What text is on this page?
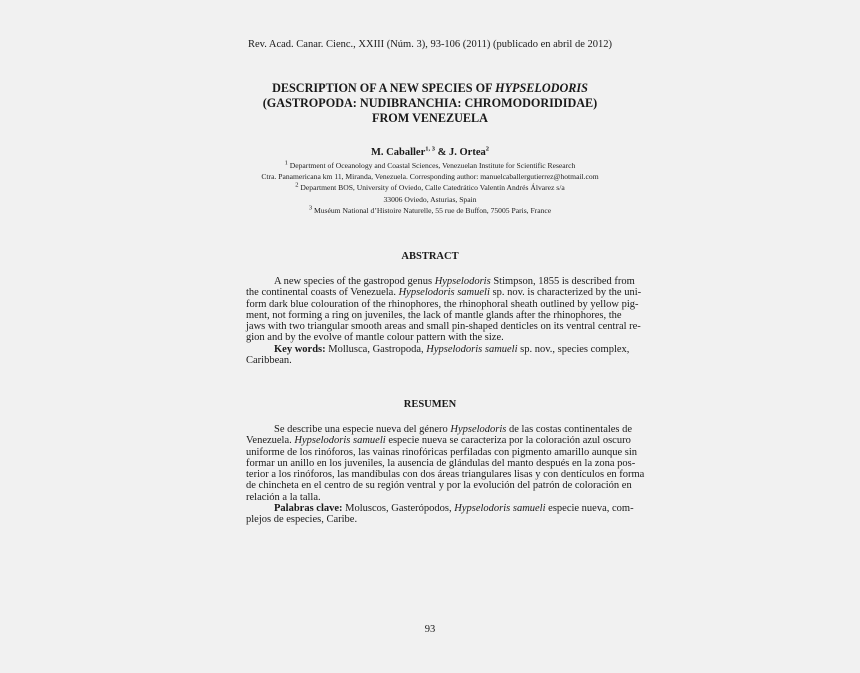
Rev. Acad. Canar. Cienc., XXIII (Núm. 3), 93-106 (2011) (publicado en abril de 2012)
DESCRIPTION OF A NEW SPECIES OF HYPSELODORIS
(GASTROPODA: NUDIBRANCHIA: CHROMODORIDIDAE)
FROM VENEZUELA
M. Caballer$^{1, 3}$ & J. Ortea$^2$
$^1$ Department of Oceanology and Coastal Sciences, Venezuelan Institute for Scientific Research
Ctra. Panamericana km 11, Miranda, Venezuela. Corresponding author: manuelcaballergutierrez@hotmail.com
$^2$ Department BOS, University of Oviedo, Calle Catedrático Valentín Andrés Álvarez s/a
33006 Oviedo, Asturias, Spain
$^3$ Muséum National d’Histoire Naturelle, 55 rue de Buffon, 75005 Paris, France
ABSTRACT
A new species of the gastropod genus Hypselodoris Stimpson, 1855 is described from
the continental coasts of Venezuela. Hypselodoris samueli sp. nov. is characterized by the uni-
form dark blue colouration of the rhinophores, the rhinophoral sheath outlined by yellow pig-
ment, not forming a ring on juveniles, the lack of mantle glands after the rhinophores, the
jaws with two triangular smooth areas and small pin-shaped denticles on its ventral central re-
gion and by the evolve of mantle colour pattern with the size.
Key words: Mollusca, Gastropoda, Hypselodoris samueli sp. nov., species complex,
Caribbean.
RESUMEN
Se describe una especie nueva del género Hypselodoris de las costas continentales de
Venezuela. Hypselodoris samueli especie nueva se caracteriza por la coloración azul oscuro
uniforme de los rinóforos, las vainas rinofóricas perfiladas con pigmento amarillo aunque sin
formar un anillo en los juveniles, la ausencia de glándulas del manto después en la zona pos-
terior a los rinóforos, las mandíbulas con dos áreas triangulares lisas y con dentículos en forma
de chincheta en el centro de su región ventral y por la evolución del patrón de coloración en
relación a la talla.
Palabras clave: Moluscos, Gasterópodos, Hypselodoris samueli especie nueva, com-
plejos de especies, Caribe.
93
